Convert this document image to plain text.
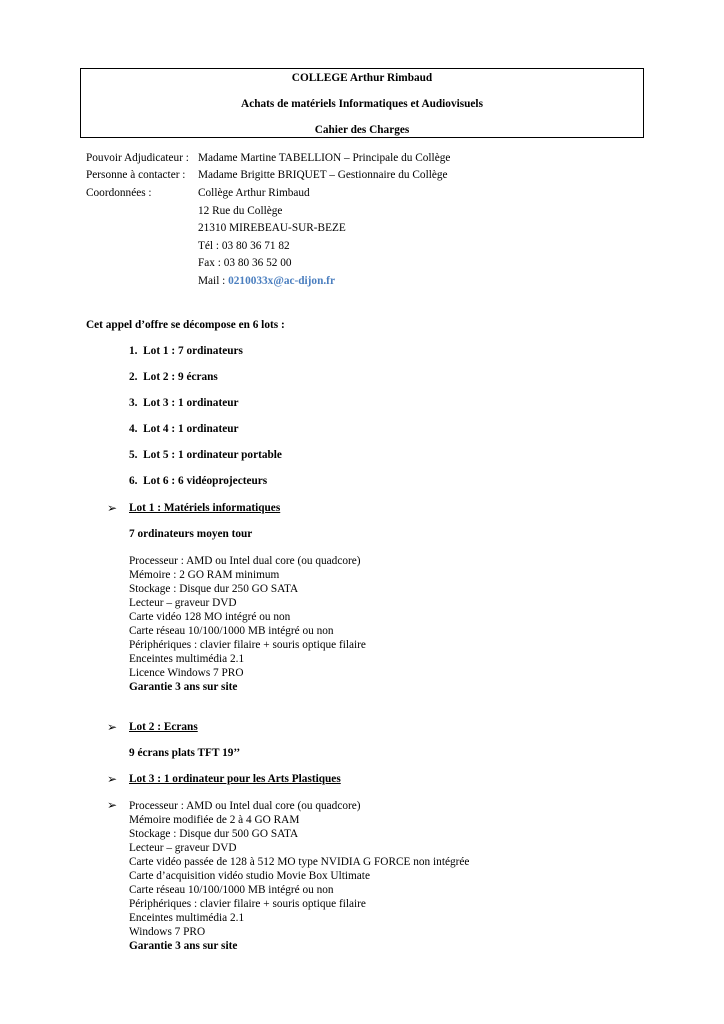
COLLEGE Arthur Rimbaud
Achats de matériels Informatiques et Audiovisuels
Cahier des Charges
Pouvoir Adjudicateur : Madame Martine TABELLION – Principale du Collège
Personne à contacter : Madame Brigitte BRIQUET – Gestionnaire du Collège
Coordonnées :	Collège Arthur Rimbaud
12 Rue du Collège
21310 MIREBEAU-SUR-BEZE
Tél : 03 80 36 71 82
Fax : 03 80 36 52 00
Mail : 0210033x@ac-dijon.fr
Cet appel d’offre se décompose en 6 lots :
1. Lot 1 : 7 ordinateurs
2. Lot 2 : 9 écrans
3. Lot 3 : 1 ordinateur
4. Lot 4 : 1 ordinateur
5. Lot 5 : 1 ordinateur portable
6. Lot 6 : 6 vidéoprojecteurs
➢ Lot 1 : Matériels informatiques
7 ordinateurs moyen tour
Processeur : AMD ou Intel dual core (ou quadcore)
Mémoire : 2 GO RAM minimum
Stockage : Disque dur 250 GO SATA
Lecteur – graveur DVD
Carte vidéo 128 MO intégré ou non
Carte réseau 10/100/1000 MB intégré ou non
Périphériques : clavier filaire + souris optique filaire
Enceintes multimédia 2.1
Licence Windows 7 PRO
Garantie 3 ans sur site
➢ Lot 2 : Ecrans
9 écrans plats TFT 19’’
➢ Lot 3 : 1 ordinateur pour les Arts Plastiques
➢ Processeur : AMD ou Intel dual core (ou quadcore)
Mémoire modifiée de 2 à 4 GO RAM
Stockage : Disque dur 500 GO SATA
Lecteur – graveur DVD
Carte vidéo passée de 128 à 512 MO type NVIDIA G FORCE non intégrée
Carte d’acquisition vidéo studio Movie Box Ultimate
Carte réseau 10/100/1000 MB intégré ou non
Périphériques : clavier filaire + souris optique filaire
Enceintes multimédia 2.1
Windows 7 PRO
Garantie 3 ans sur site
